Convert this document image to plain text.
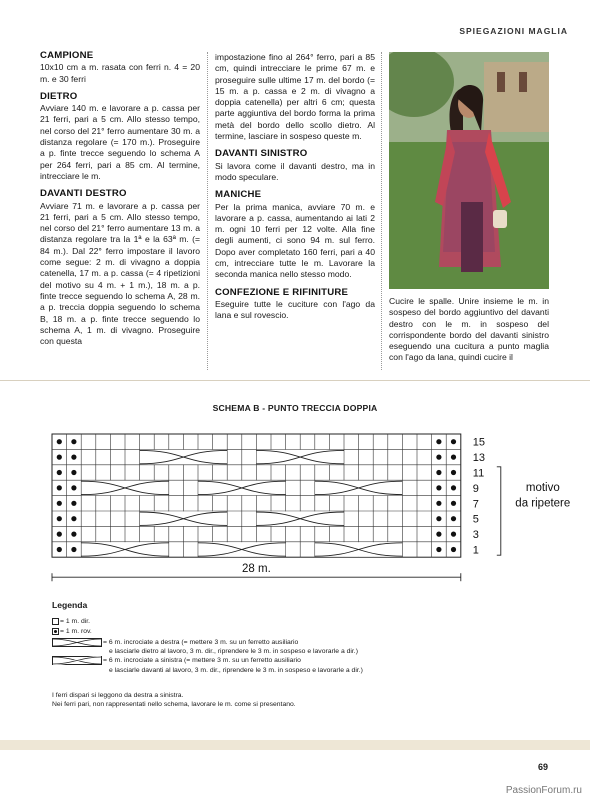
SPIEGAZIONI MAGLIA
CAMPIONE

10x10 cm a m. rasata con ferri n. 4 = 20 m. e 30 ferri

DIETRO

Avviare 140 m. e lavorare a p. cassa per 21 ferri, pari a 5 cm. Allo stesso tempo, nel corso del 21° ferro aumentare 30 m. a distanza regolare (= 170 m.). Proseguire a p. finte trecce seguendo lo schema A per 264 ferri, pari a 85 cm. Al termine, intrecciare le m.

DAVANTI DESTRO

Avviare 71 m. e lavorare a p. cassa per 21 ferri, pari a 5 cm. Allo stesso tempo, nel corso del 21° ferro aumentare 13 m. a distanza regolare tra la 1ª e la 63ª m. (= 84 m.). Dal 22° ferro impostare il lavoro come segue: 2 m. di vivagno a doppia catenella, 17 m. a p. cassa (= 4 ripetizioni del motivo su 4 m. + 1 m.), 18 m. a p. finte trecce seguendo lo schema A, 28 m. a p. treccia doppia seguendo lo schema B, 18 m. a p. finte trecce seguendo lo schema A, 1 m. di vivagno. Proseguire con questa

impostazione fino al 264° ferro, pari a 85 cm, quindi intrecciare le prime 67 m. e proseguire sulle ultime 17 m. del bordo (= 15 m. a p. cassa e 2 m. di vivagno a doppia catenella) per altri 6 cm; questa parte aggiuntiva del bordo forma la prima metà del bordo dello scollo dietro. Al termine, lasciare in sospeso queste m.

DAVANTI SINISTRO

Si lavora come il davanti destro, ma in modo speculare.

MANICHE

Per la prima manica, avviare 70 m. e lavorare a p. cassa, aumentando ai lati 2 m. ogni 10 ferri per 12 volte. Alla fine degli aumenti, ci sono 94 m. sul ferro. Dopo aver completato 160 ferri, pari a 40 cm, intrecciare tutte le m. Lavorare la seconda manica nello stesso modo.

CONFEZIONE E RIFINITURE

Eseguire tutte le cuciture con l'ago da lana e sul rovescio.

Cucire le spalle. Unire insieme le m. in sospeso del bordo aggiuntivo del davanti destro con le m. in sospeso del corrispondente bordo del davanti sinistro eseguendo una cucitura a punto maglia con l'ago da lana, quindi cucire il

SCHEMA B - PUNTO TRECCIA DOPPIA
15
13
11
9
7
5
3
1
motivo
da ripetere
28 m.
Legenda
= 1 m. dir.
= 1 m. rov.
= 6 m. incrociate a destra (= mettere 3 m. su un ferretto ausiliario
e lasciarle dietro al lavoro, 3 m. dir., riprendere le 3 m. in sospeso e lavorarle a dir.)
= 6 m. incrociate a sinistra (= mettere 3 m. su un ferretto ausiliario
e lasciarle davanti al lavoro, 3 m. dir., riprendere le 3 m. in sospeso e lavorarle a dir.)
I ferri dispari si leggono da destra a sinistra.
Nei ferri pari, non rappresentati nello schema, lavorare le m. come si presentano.
69
PassionForum.ru
